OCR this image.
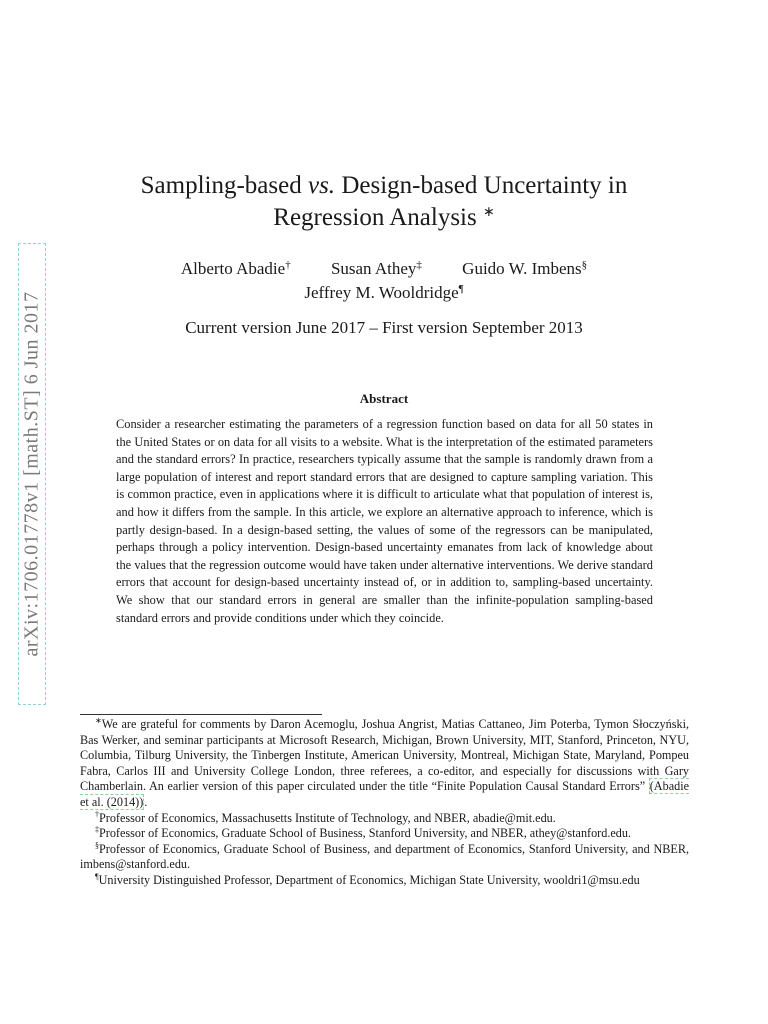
arXiv:1706.01778v1 [math.ST] 6 Jun 2017
Sampling-based vs. Design-based Uncertainty in
Regression Analysis ∗
Alberto Abadie† Susan Athey‡ Guido W. Imbens§
Jeffrey M. Wooldridge¶
Current version June 2017 – First version September 2013
Abstract
Consider a researcher estimating the parameters of a regression function based on data for all 50 states in the United States or on data for all visits to a website. What is the interpretation of the estimated parameters and the standard errors? In practice, researchers typically assume that the sample is randomly drawn from a large population of interest and report standard errors that are designed to capture sampling variation. This is common practice, even in applications where it is difficult to articulate what that population of interest is, and how it differs from the sample. In this article, we explore an alternative approach to inference, which is partly design-based. In a design-based setting, the values of some of the regressors can be manipulated, perhaps through a policy intervention. Design-based uncertainty emanates from lack of knowledge about the values that the regression outcome would have taken under alternative interventions. We derive standard errors that account for design-based uncertainty instead of, or in addition to, sampling-based uncertainty. We show that our standard errors in general are smaller than the infinite-population sampling-based standard errors and provide conditions under which they coincide.

∗We are grateful for comments by Daron Acemoglu, Joshua Angrist, Matias Cattaneo, Jim Poterba, Tymon Słoczyński, Bas Werker, and seminar participants at Microsoft Research, Michigan, Brown University, MIT, Stanford, Princeton, NYU, Columbia, Tilburg University, the Tinbergen Institute, American University, Montreal, Michigan State, Maryland, Pompeu Fabra, Carlos III and University College London, three referees, a co-editor, and especially for discussions with Gary Chamberlain. An earlier version of this paper circulated under the title “Finite Population Causal Standard Errors” (Abadie et al. (2014)).

†Professor of Economics, Massachusetts Institute of Technology, and NBER, abadie@mit.edu.

‡Professor of Economics, Graduate School of Business, Stanford University, and NBER, athey@stanford.edu.

§Professor of Economics, Graduate School of Business, and department of Economics, Stanford University, and NBER, imbens@stanford.edu.

¶University Distinguished Professor, Department of Economics, Michigan State University, wooldri1@msu.edu
